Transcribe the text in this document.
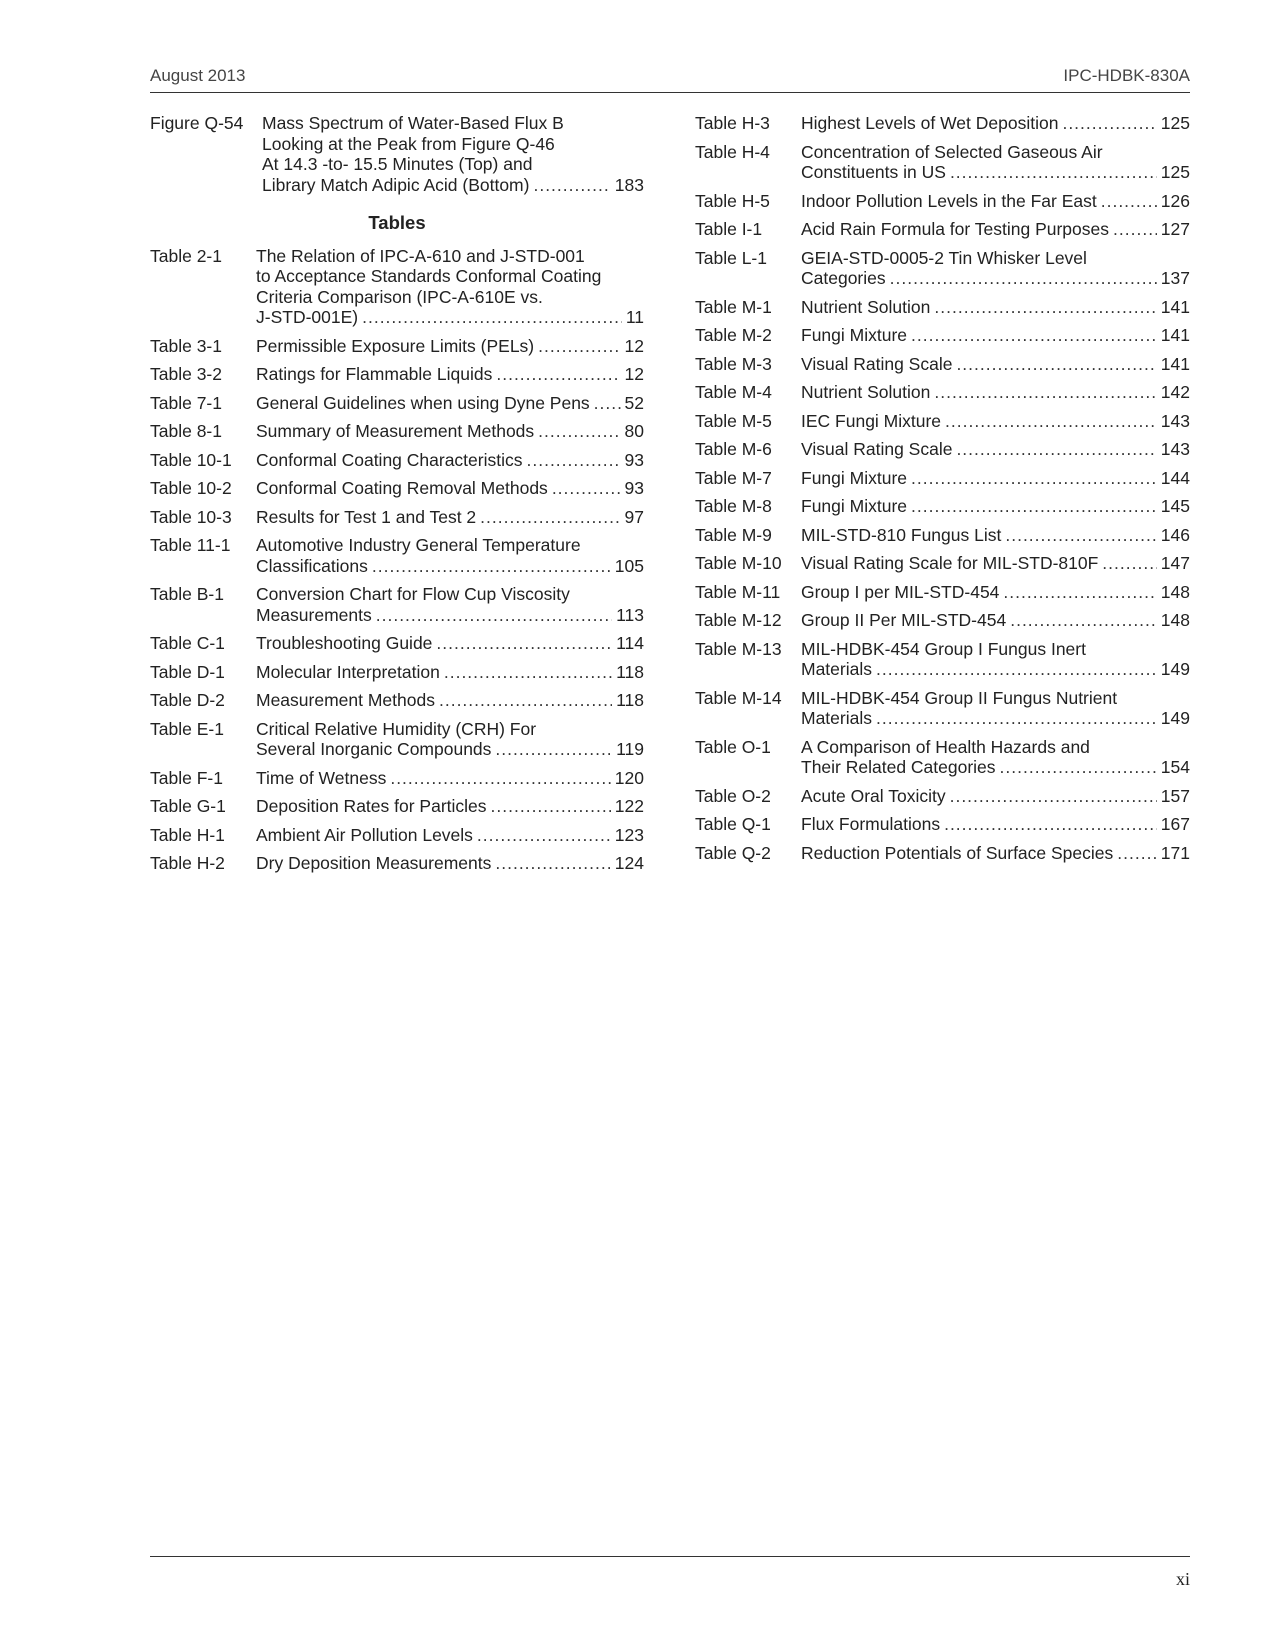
August 2013	IPC-HDBK-830A
Figure Q-54	Mass Spectrum of Water-Based Flux B
Looking at the Peak from Figure Q-46
At 14.3 -to- 15.5 Minutes (Top) and
Library Match Adipic Acid (Bottom) .....	183
Tables
Table 2-1	The Relation of IPC-A-610 and J-STD-001
to Acceptance Standards Conformal Coating
Criteria Comparison (IPC-A-610E vs.
J-STD-001E) .....	11
Table 3-1	Permissible Exposure Limits (PELs) .....	12
Table 3-2	Ratings for Flammable Liquids .....	12
Table 7-1	General Guidelines when using Dyne Pens ..... 52
Table 8-1	Summary of Measurement Methods .....	80
Table 10-1	Conformal Coating Characteristics .....	93
Table 10-2	Conformal Coating Removal Methods .....	93
Table 10-3	Results for Test 1 and Test 2 .....	97
Table 11-1	Automotive Industry General Temperature
Classifications .....	105
Table B-1	Conversion Chart for Flow Cup Viscosity
Measurements .....	113
Table C-1	Troubleshooting Guide .....	114
Table D-1	Molecular Interpretation .....	118
Table D-2	Measurement Methods .....	118
Table E-1	Critical Relative Humidity (CRH) For
Several Inorganic Compounds .....	119
Table F-1	Time of Wetness .....	120
Table G-1	Deposition Rates for Particles .....	122
Table H-1	Ambient Air Pollution Levels .....	123
Table H-2	Dry Deposition Measurements .....	124
Table H-3	Highest Levels of Wet Deposition .....	125
Table H-4	Concentration of Selected Gaseous Air
Constituents in US .....	125
Table H-5	Indoor Pollution Levels in the Far East .....	126
Table I-1	Acid Rain Formula for Testing Purposes .....	127
Table L-1	GEIA-STD-0005-2 Tin Whisker Level
Categories .....	137
Table M-1	Nutrient Solution .....	141
Table M-2	Fungi Mixture .....	141
Table M-3	Visual Rating Scale .....	141
Table M-4	Nutrient Solution .....	142
Table M-5	IEC Fungi Mixture .....	143
Table M-6	Visual Rating Scale .....	143
Table M-7	Fungi Mixture .....	144
Table M-8	Fungi Mixture .....	145
Table M-9	MIL-STD-810 Fungus List .....	146
Table M-10	Visual Rating Scale for MIL-STD-810F .....	147
Table M-11	Group I per MIL-STD-454 .....	148
Table M-12	Group II Per MIL-STD-454 .....	148
Table M-13	MIL-HDBK-454 Group I Fungus Inert
Materials .....	149
Table M-14	MIL-HDBK-454 Group II Fungus Nutrient
Materials .....	149
Table O-1	A Comparison of Health Hazards and
Their Related Categories .....	154
Table O-2	Acute Oral Toxicity .....	157
Table Q-1	Flux Formulations .....	167
Table Q-2	Reduction Potentials of Surface Species .....	171
xi
